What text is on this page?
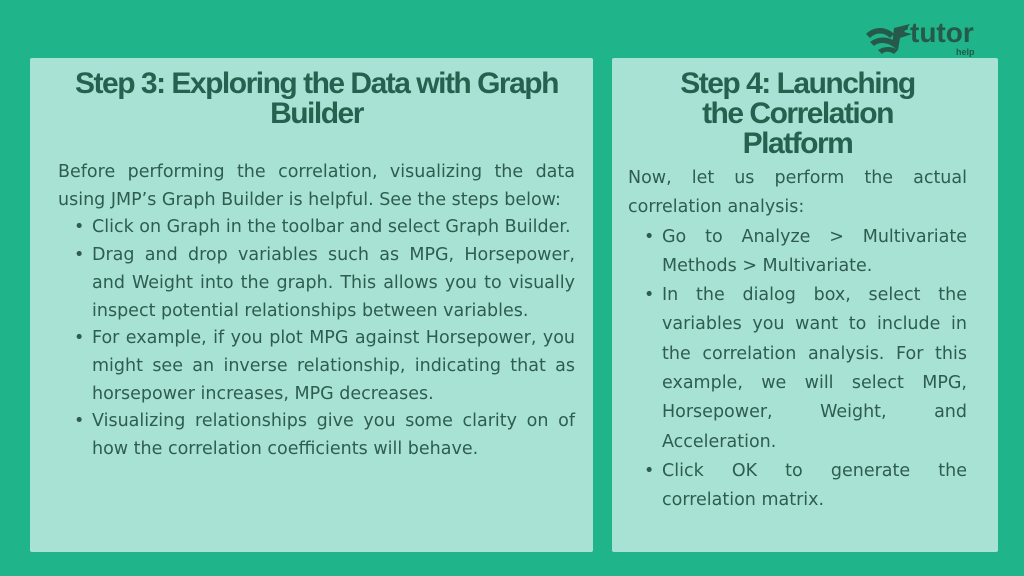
tutor
help
Step 3: Exploring the Data with Graph Builder

Before performing the correlation, visualizing the data using JMP’s Graph Builder is helpful. See the steps below:

• Click on Graph in the toolbar and select Graph Builder.
• Drag and drop variables such as MPG, Horsepower, and Weight into the graph. This allows you to visually inspect potential relationships between variables.
• For example, if you plot MPG against Horsepower, you might see an inverse relationship, indicating that as horsepower increases, MPG decreases.
• Visualizing relationships give you some clarity on of how the correlation coefficients will behave.
Step 4: Launching the Correlation Platform

Now, let us perform the actual correlation analysis:

• Go to Analyze > Multivariate Methods > Multivariate.
• In the dialog box, select the variables you want to include in the correlation analysis. For this example, we will select MPG, Horsepower, Weight, and Acceleration.
• Click OK to generate the correlation matrix.
